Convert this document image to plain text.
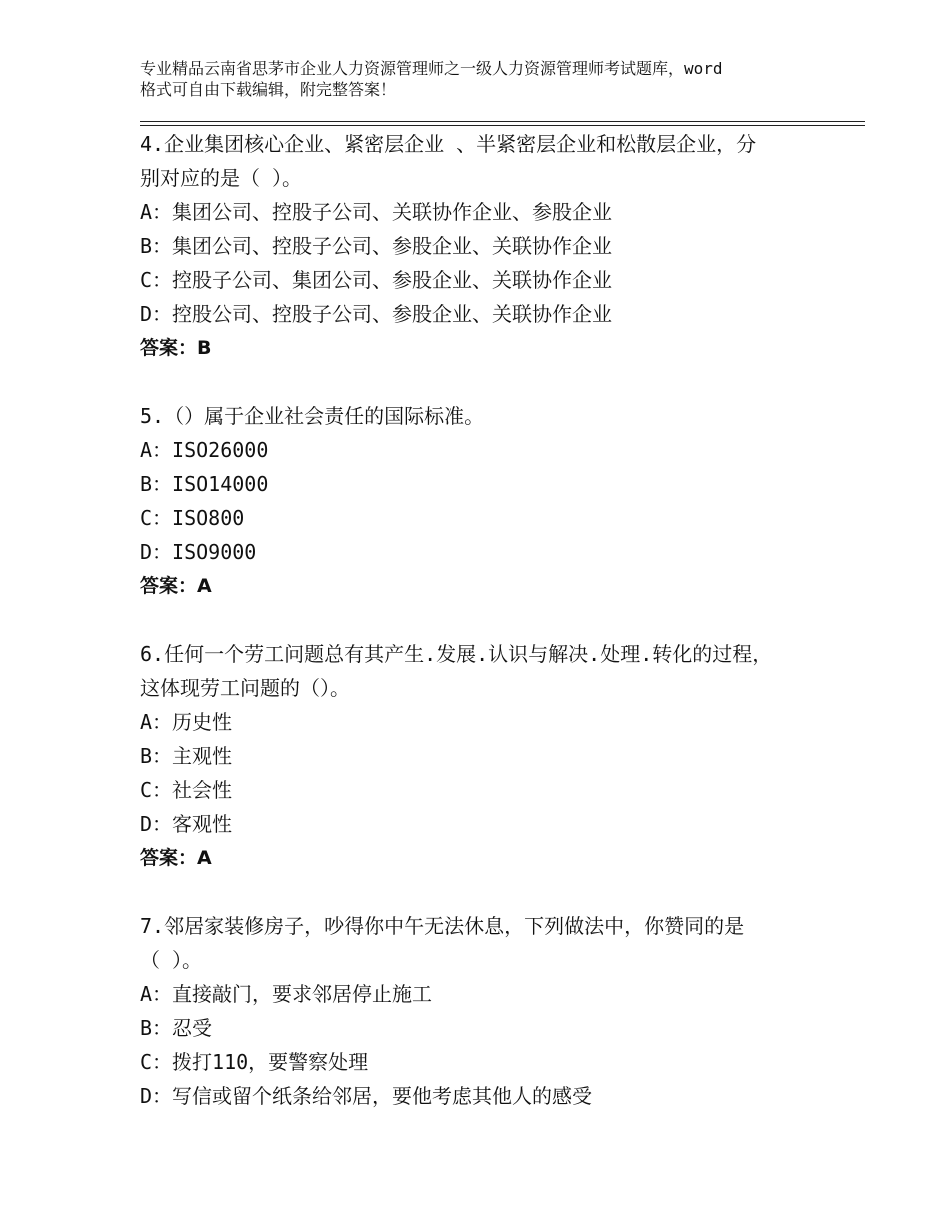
专业精品云南省思茅市企业人力资源管理师之一级人力资源管理师考试题库，word
格式可自由下载编辑，附完整答案！
4.企业集团核心企业、紧密层企业 、半紧密层企业和松散层企业，分
别对应的是（ ）。
A：集团公司、控股子公司、关联协作企业、参股企业
B：集团公司、控股子公司、参股企业、关联协作企业
C：控股子公司、集团公司、参股企业、关联协作企业
D：控股公司、控股子公司、参股企业、关联协作企业
答案：B
5.（）属于企业社会责任的国际标准。
A：ISO26000
B：ISO14000
C：ISO800
D：ISO9000
答案：A
6.任何一个劳工问题总有其产生.发展.认识与解决.处理.转化的过程，
这体现劳工问题的（）。
A：历史性
B：主观性
C：社会性
D：客观性
答案：A
7.邻居家装修房子，吵得你中午无法休息，下列做法中，你赞同的是
（ ）。
A：直接敲门，要求邻居停止施工
B：忍受
C：拨打110，要警察处理
D：写信或留个纸条给邻居，要他考虑其他人的感受
